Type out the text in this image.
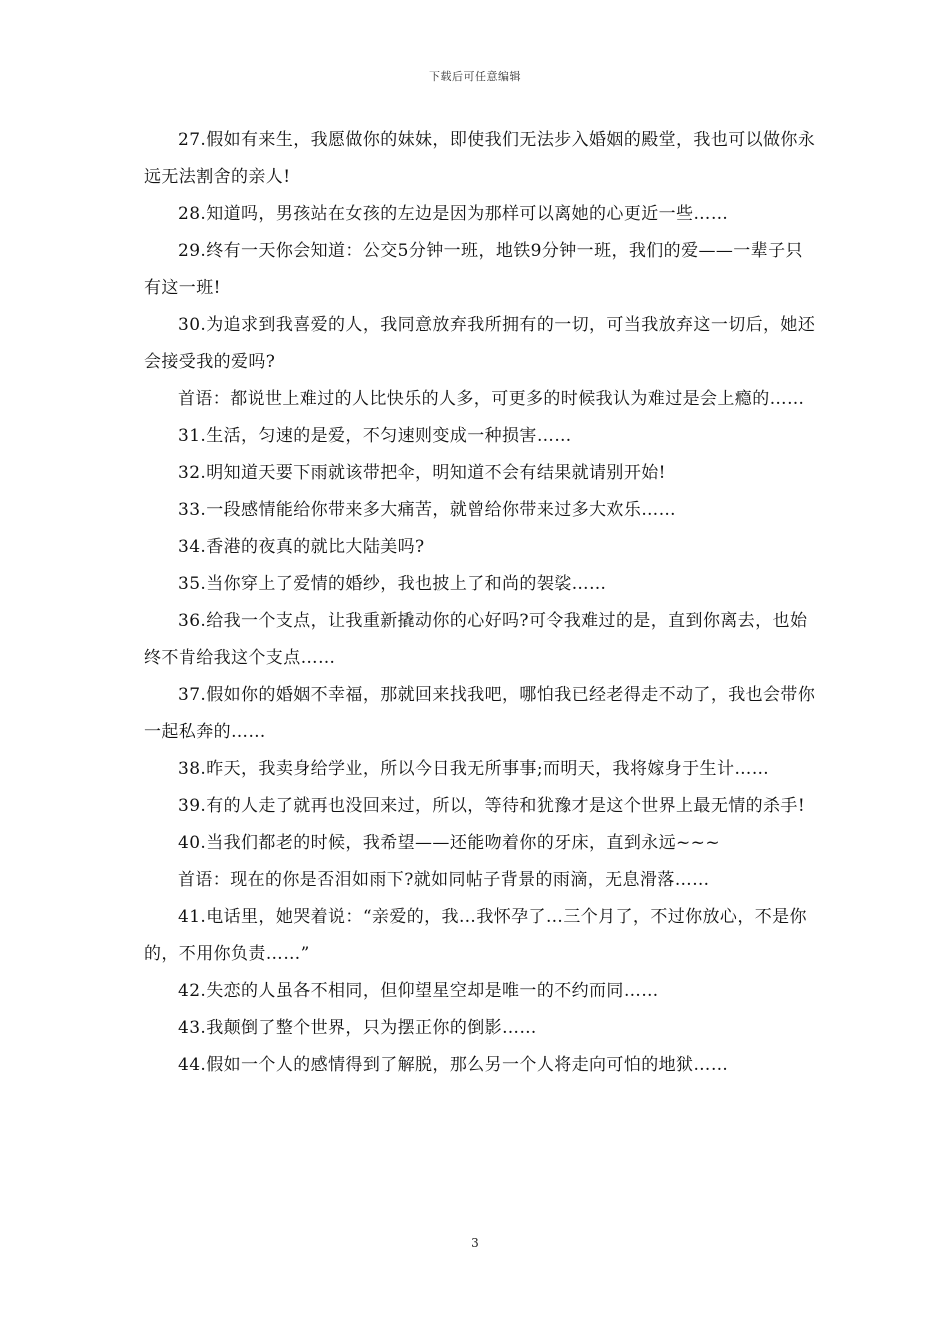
下载后可任意编辑

27.假如有来生，我愿做你的妹妹，即使我们无法步入婚姻的殿堂，我也可以做你永远无法割舍的亲人!

28.知道吗，男孩站在女孩的左边是因为那样可以离她的心更近一些……

29.终有一天你会知道：公交5分钟一班，地铁9分钟一班，我们的爱——一辈子只有这一班!

30.为追求到我喜爱的人，我同意放弃我所拥有的一切，可当我放弃这一切后，她还会接受我的爱吗?

首语：都说世上难过的人比快乐的人多，可更多的时候我认为难过是会上瘾的……

31.生活，匀速的是爱，不匀速则变成一种损害……

32.明知道天要下雨就该带把伞，明知道不会有结果就请别开始!

33.一段感情能给你带来多大痛苦，就曾给你带来过多大欢乐……

34.香港的夜真的就比大陆美吗?

35.当你穿上了爱情的婚纱，我也披上了和尚的袈裟……

36.给我一个支点，让我重新撬动你的心好吗?可令我难过的是，直到你离去，也始终不肯给我这个支点……

37.假如你的婚姻不幸福，那就回来找我吧，哪怕我已经老得走不动了，我也会带你一起私奔的……

38.昨天，我卖身给学业，所以今日我无所事事;而明天，我将嫁身于生计……

39.有的人走了就再也没回来过，所以，等待和犹豫才是这个世界上最无情的杀手!

40.当我们都老的时候，我希望——还能吻着你的牙床，直到永远~~~

首语：现在的你是否泪如雨下?就如同帖子背景的雨滴，无息滑落……

41.电话里，她哭着说：“亲爱的，我…我怀孕了…三个月了，不过你放心，不是你的，不用你负责……”

42.失恋的人虽各不相同，但仰望星空却是唯一的不约而同……

43.我颠倒了整个世界，只为摆正你的倒影……

44.假如一个人的感情得到了解脱，那么另一个人将走向可怕的地狱……

3
